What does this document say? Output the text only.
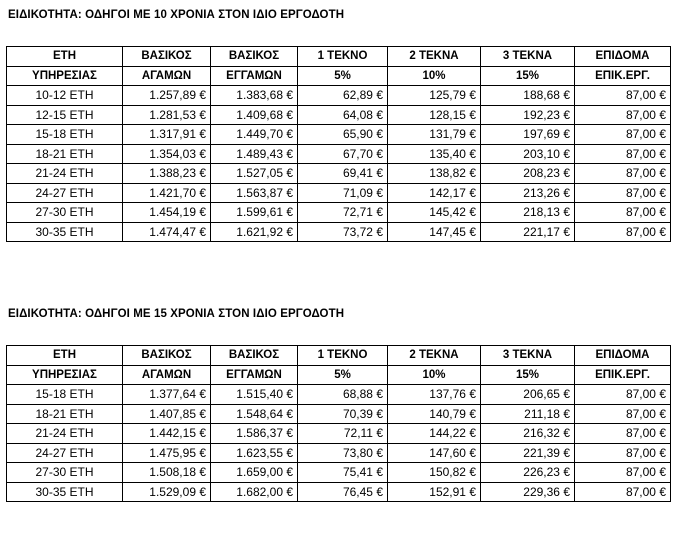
ΕΙΔΙΚΟΤΗΤΑ: ΟΔΗΓΟΙ ΜΕ 10 ΧΡΟΝΙΑ ΣΤΟΝ ΙΔΙΟ ΕΡΓΟΔΟΤΗ
ΕΤΗ	ΒΑΣΙΚΟΣ	ΒΑΣΙΚΟΣ	1 ΤΕΚΝΟ	2 ΤΕΚΝΑ	3 ΤΕΚΝΑ	ΕΠΙΔΟΜΑ
ΥΠΗΡΕΣΙΑΣ	ΑΓΑΜΩΝ	ΕΓΓΑΜΩΝ	5%	10%	15%	ΕΠΙΚ.ΕΡΓ.
10-12 ΕΤΗ	1.257,89 €	1.383,68 €	62,89 €	125,79 €	188,68 €	87,00 €
12-15 ΕΤΗ	1.281,53 €	1.409,68 €	64,08 €	128,15 €	192,23 €	87,00 €
15-18 ΕΤΗ	1.317,91 €	1.449,70 €	65,90 €	131,79 €	197,69 €	87,00 €
18-21 ΕΤΗ	1.354,03 €	1.489,43 €	67,70 €	135,40 €	203,10 €	87,00 €
21-24 ΕΤΗ	1.388,23 €	1.527,05 €	69,41 €	138,82 €	208,23 €	87,00 €
24-27 ΕΤΗ	1.421,70 €	1.563,87 €	71,09 €	142,17 €	213,26 €	87,00 €
27-30 ΕΤΗ	1.454,19 €	1.599,61 €	72,71 €	145,42 €	218,13 €	87,00 €
30-35 ΕΤΗ	1.474,47 €	1.621,92 €	73,72 €	147,45 €	221,17 €	87,00 €
ΕΙΔΙΚΟΤΗΤΑ: ΟΔΗΓΟΙ ΜΕ 15 ΧΡΟΝΙΑ ΣΤΟΝ ΙΔΙΟ ΕΡΓΟΔΟΤΗ
ΕΤΗ	ΒΑΣΙΚΟΣ	ΒΑΣΙΚΟΣ	1 ΤΕΚΝΟ	2 ΤΕΚΝΑ	3 ΤΕΚΝΑ	ΕΠΙΔΟΜΑ
ΥΠΗΡΕΣΙΑΣ	ΑΓΑΜΩΝ	ΕΓΓΑΜΩΝ	5%	10%	15%	ΕΠΙΚ.ΕΡΓ.
15-18 ΕΤΗ	1.377,64 €	1.515,40 €	68,88 €	137,76 €	206,65 €	87,00 €
18-21 ΕΤΗ	1.407,85 €	1.548,64 €	70,39 €	140,79 €	211,18 €	87,00 €
21-24 ΕΤΗ	1.442,15 €	1.586,37 €	72,11 €	144,22 €	216,32 €	87,00 €
24-27 ΕΤΗ	1.475,95 €	1.623,55 €	73,80 €	147,60 €	221,39 €	87,00 €
27-30 ΕΤΗ	1.508,18 €	1.659,00 €	75,41 €	150,82 €	226,23 €	87,00 €
30-35 ΕΤΗ	1.529,09 €	1.682,00 €	76,45 €	152,91 €	229,36 €	87,00 €
